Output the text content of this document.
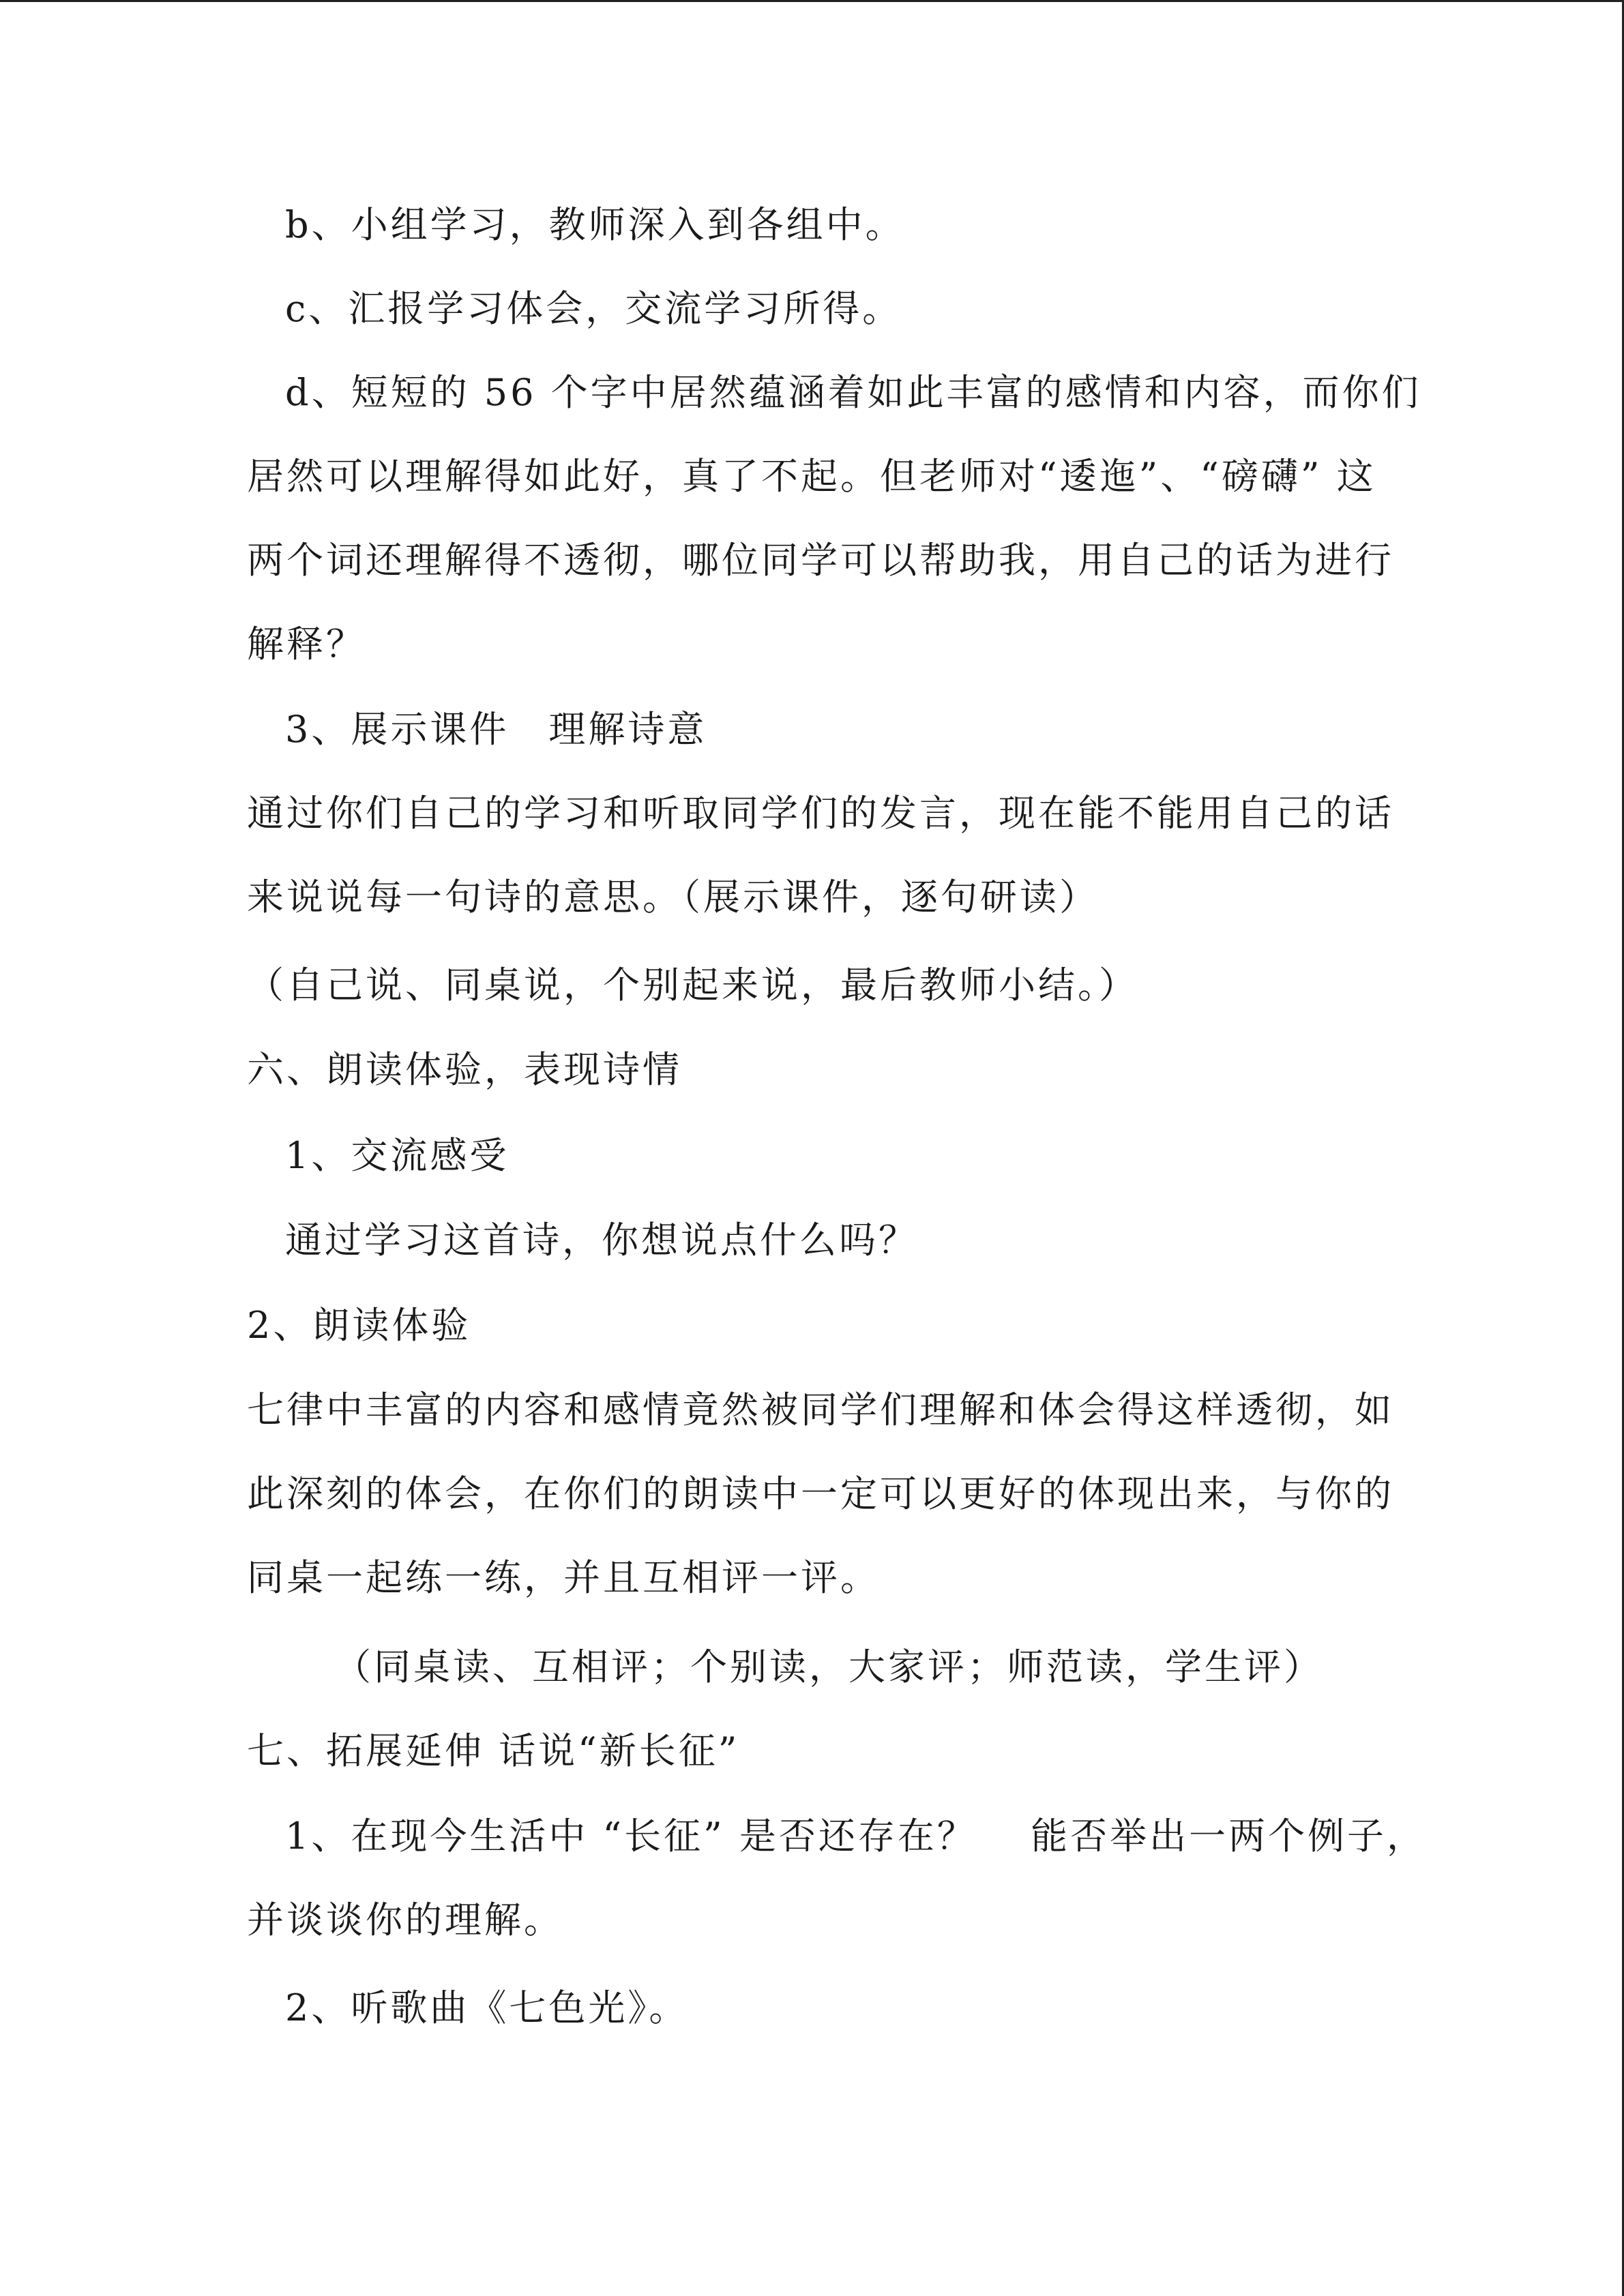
b、小组学习，教师深入到各组中。
c、汇报学习体会，交流学习所得。
d、短短的 56 个字中居然蕴涵着如此丰富的感情和内容，而你们
居然可以理解得如此好，真了不起。但老师对“逶迤”、“磅礴” 这
两个词还理解得不透彻，哪位同学可以帮助我，用自己的话为进行
解释？
3、展示课件　理解诗意
通过你们自己的学习和听取同学们的发言，现在能不能用自己的话
来说说每一句诗的意思。（展示课件，逐句研读）
（自己说、同桌说，个别起来说，最后教师小结。）
六、朗读体验，表现诗情
1、交流感受
通过学习这首诗，你想说点什么吗？
2、朗读体验
七律中丰富的内容和感情竟然被同学们理解和体会得这样透彻，如
此深刻的体会，在你们的朗读中一定可以更好的体现出来，与你的
同桌一起练一练，并且互相评一评。
（同桌读、互相评；个别读，大家评；师范读，学生评）
七、拓展延伸 话说“新长征”
1、在现今生活中 “长征” 是否还存在？　 能否举出一两个例子，
并谈谈你的理解。
2、听歌曲《七色光》。
